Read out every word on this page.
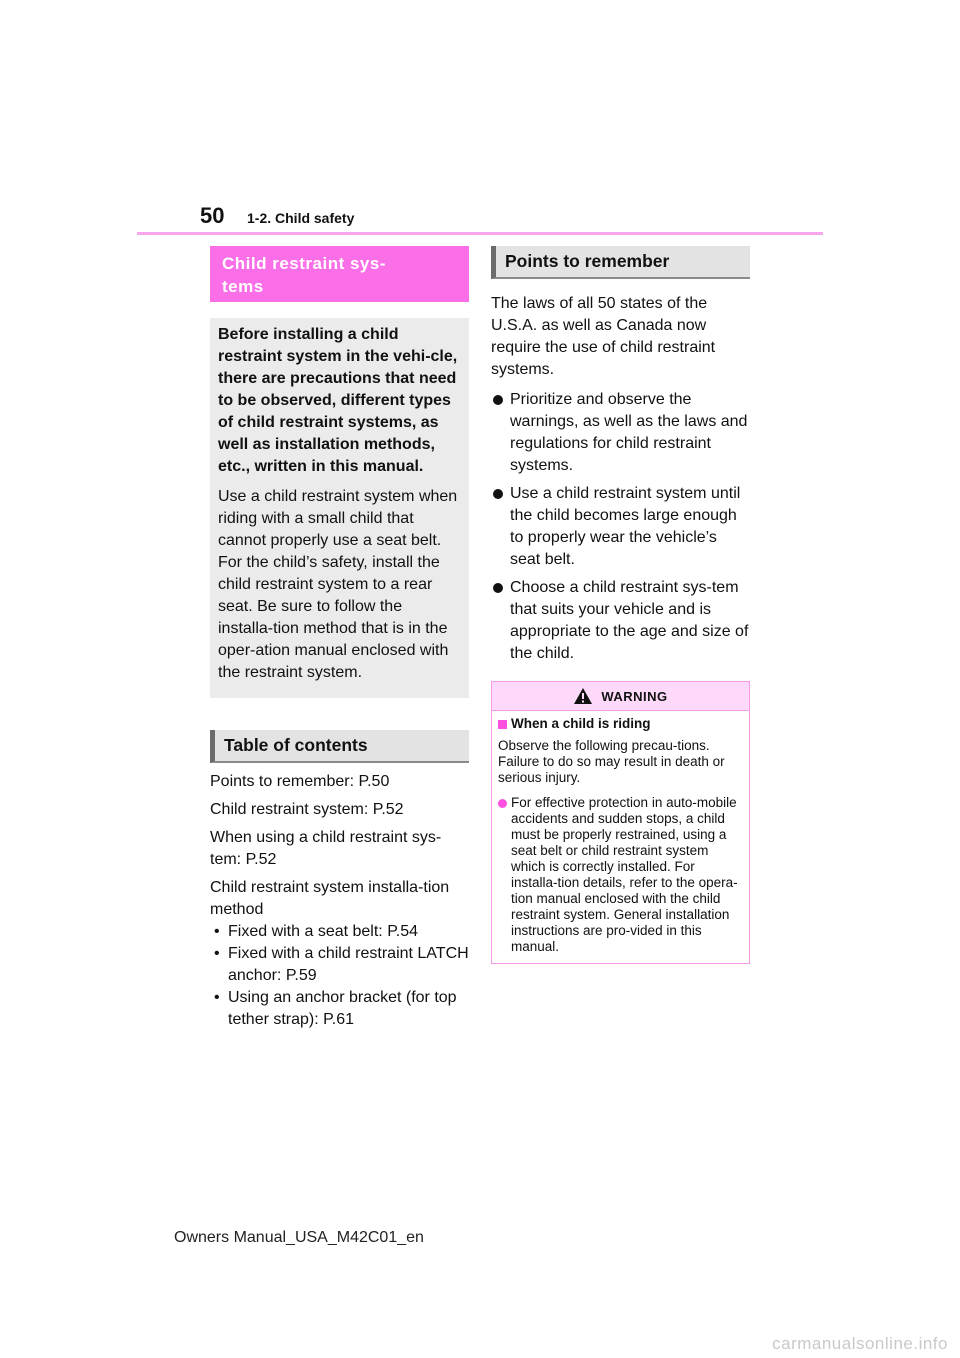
50 1-2. Child safety
Child restraint sys-
tems

Before installing a child restraint system in the vehi-cle, there are precautions that need to be observed, different types of child restraint systems, as well as installation methods, etc., written in this manual.

Use a child restraint system when riding with a small child that cannot properly use a seat belt. For the child’s safety, install the child restraint system to a rear seat. Be sure to follow the installa-tion method that is in the oper-ation manual enclosed with the restraint system.

Table of contents

Points to remember: P.50

Child restraint system: P.52

When using a child restraint sys-tem: P.52

Child restraint system installa-tion method

• Fixed with a seat belt: P.54
• Fixed with a child restraint LATCH anchor: P.59
• Using an anchor bracket (for top tether strap): P.61
Points to remember

The laws of all 50 states of the U.S.A. as well as Canada now require the use of child restraint systems.

Prioritize and observe the warnings, as well as the laws and regulations for child restraint systems.
Use a child restraint system until the child becomes large enough to properly wear the vehicle’s seat belt.
Choose a child restraint sys-tem that suits your vehicle and is appropriate to the age and size of the child.
WARNING
When a child is riding

Observe the following precau-tions.
Failure to do so may result in death or serious injury.

For effective protection in auto-mobile accidents and sudden stops, a child must be properly restrained, using a seat belt or child restraint system which is correctly installed. For installa-tion details, refer to the opera-tion manual enclosed with the child restraint system. General installation instructions are pro-vided in this manual.
Owners Manual_USA_M42C01_en
carmanualsonline.info
